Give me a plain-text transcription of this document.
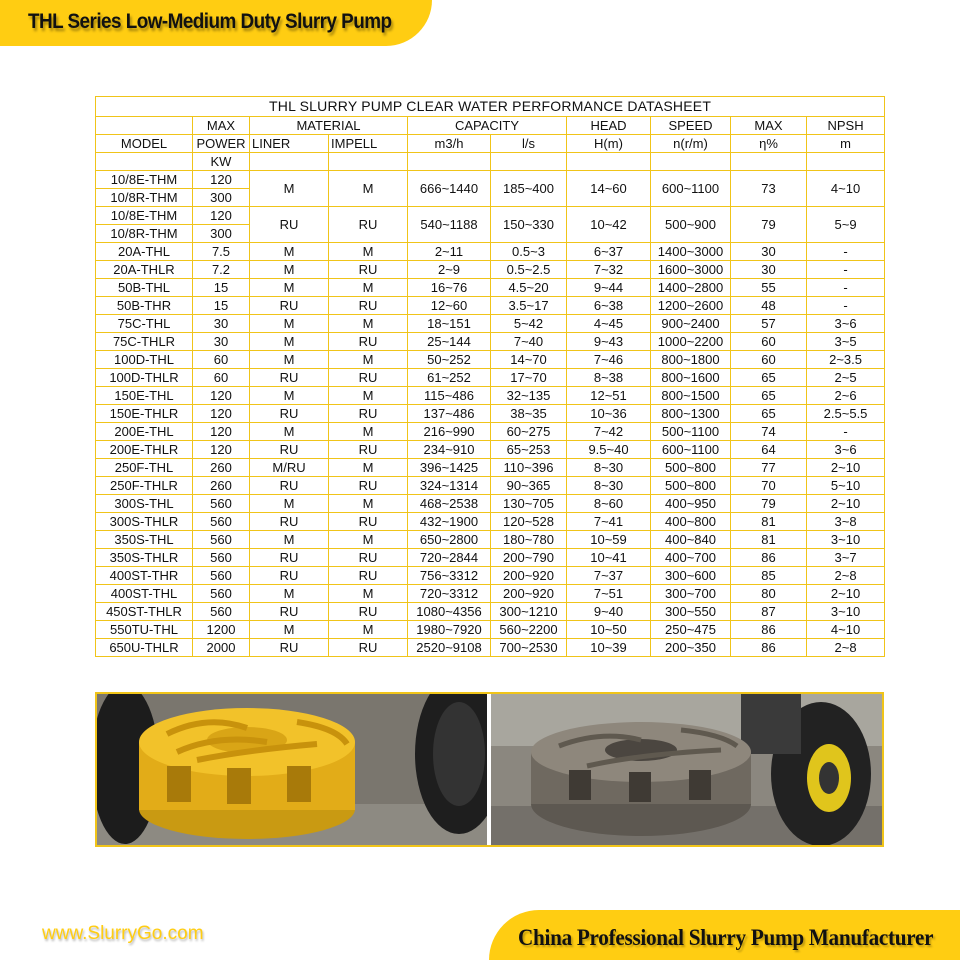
THL Series Low-Medium Duty Slurry Pump
THL SLURRY PUMP CLEAR WATER PERFORMANCE DATASHEET									
	MAX	MATERIAL		CAPACITY		HEAD	SPEED	MAX	NPSH
MODEL	POWER	LINER	IMPELL	m3/h	l/s	H(m)	n(r/m)	η%	m
	KW								
10/8E-THM	120	M	M	666~1440	185~400	14~60	600~1100	73	4~10
10/8R-THM	300								
10/8E-THM	120	RU	RU	540~1188	150~330	10~42	500~900	79	5~9
10/8R-THM	300								
20A-THL	7.5	M	M	2~11	0.5~3	6~37	1400~3000	30	-
20A-THLR	7.2	M	RU	2~9	0.5~2.5	7~32	1600~3000	30	-
50B-THL	15	M	M	16~76	4.5~20	9~44	1400~2800	55	-
50B-THR	15	RU	RU	12~60	3.5~17	6~38	1200~2600	48	-
75C-THL	30	M	M	18~151	5~42	4~45	900~2400	57	3~6
75C-THLR	30	M	RU	25~144	7~40	9~43	1000~2200	60	3~5
100D-THL	60	M	M	50~252	14~70	7~46	800~1800	60	2~3.5
100D-THLR	60	RU	RU	61~252	17~70	8~38	800~1600	65	2~5
150E-THL	120	M	M	115~486	32~135	12~51	800~1500	65	2~6
150E-THLR	120	RU	RU	137~486	38~35	10~36	800~1300	65	2.5~5.5
200E-THL	120	M	M	216~990	60~275	7~42	500~1100	74	-
200E-THLR	120	RU	RU	234~910	65~253	9.5~40	600~1100	64	3~6
250F-THL	260	M/RU	M	396~1425	110~396	8~30	500~800	77	2~10
250F-THLR	260	RU	RU	324~1314	90~365	8~30	500~800	70	5~10
300S-THL	560	M	M	468~2538	130~705	8~60	400~950	79	2~10
300S-THLR	560	RU	RU	432~1900	120~528	7~41	400~800	81	3~8
350S-THL	560	M	M	650~2800	180~780	10~59	400~840	81	3~10
350S-THLR	560	RU	RU	720~2844	200~790	10~41	400~700	86	3~7
400ST-THR	560	RU	RU	756~3312	200~920	7~37	300~600	85	2~8
400ST-THL	560	M	M	720~3312	200~920	7~51	300~700	80	2~10
450ST-THLR	560	RU	RU	1080~4356	300~1210	9~40	300~550	87	3~10
550TU-THL	1200	M	M	1980~7920	560~2200	10~50	250~475	86	4~10
650U-THLR	2000	RU	RU	2520~9108	700~2530	10~39	200~350	86	2~8
www.SlurryGo.com	China Professional Slurry Pump Manufacturer
